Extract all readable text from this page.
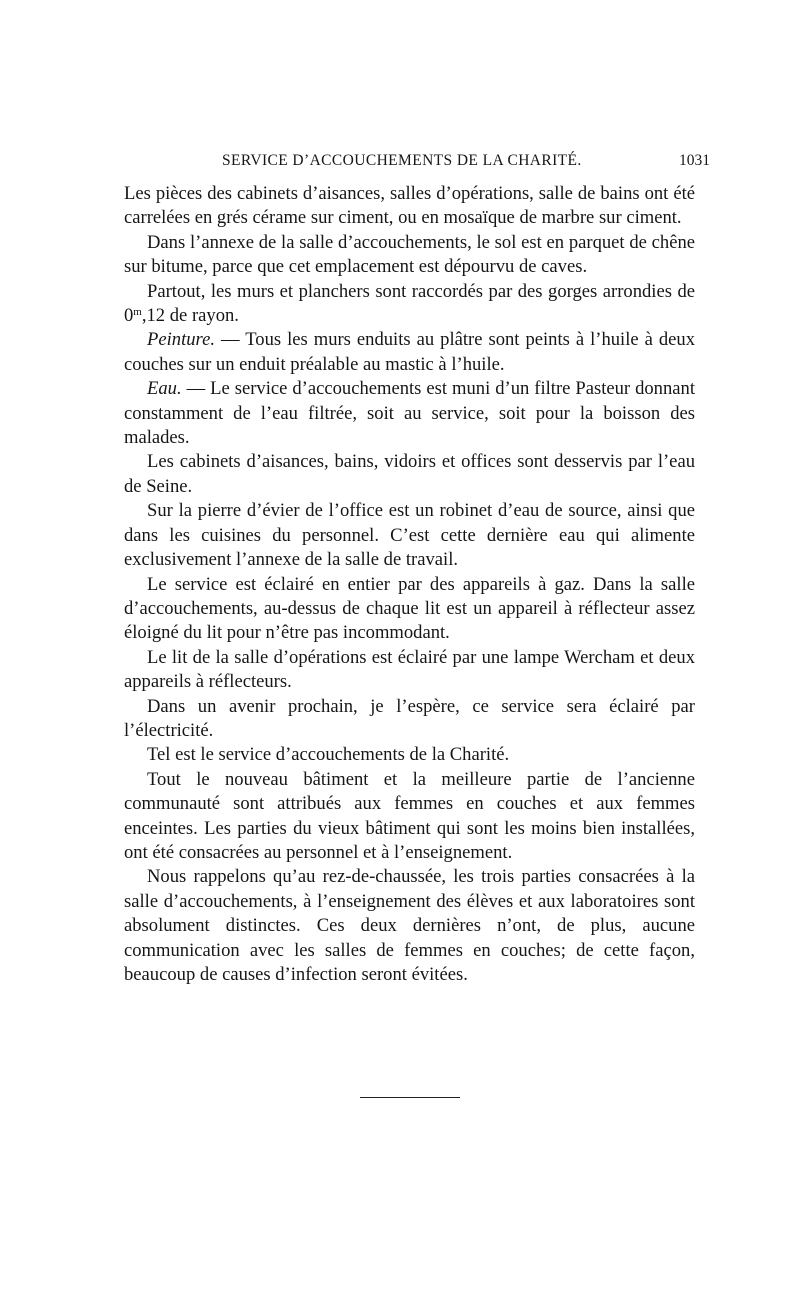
SERVICE D’ACCOUCHEMENTS DE LA CHARITÉ.	1031

Les pièces des cabinets d’aisances, salles d’opérations, salle de bains ont été carrelées en grés cérame sur ciment, ou en mosaïque de marbre sur ciment.

Dans l’annexe de la salle d’accouchements, le sol est en parquet de chêne sur bitume, parce que cet emplacement est dépourvu de caves.

Partout, les murs et planchers sont raccordés par des gorges arrondies de 0$^m$,12 de rayon.

Peinture. — Tous les murs enduits au plâtre sont peints à l’huile à deux couches sur un enduit préalable au mastic à l’huile.

Eau. — Le service d’accouchements est muni d’un filtre Pasteur donnant constamment de l’eau filtrée, soit au service, soit pour la boisson des malades.

Les cabinets d’aisances, bains, vidoirs et offices sont desservis par l’eau de Seine.

Sur la pierre d’évier de l’office est un robinet d’eau de source, ainsi que dans les cuisines du personnel. C’est cette dernière eau qui alimente exclusivement l’annexe de la salle de travail.

Le service est éclairé en entier par des appareils à gaz. Dans la salle d’accouchements, au-dessus de chaque lit est un appareil à réflecteur assez éloigné du lit pour n’être pas incommodant.

Le lit de la salle d’opérations est éclairé par une lampe Wercham et deux appareils à réflecteurs.

Dans un avenir prochain, je l’espère, ce service sera éclairé par l’électricité.

Tel est le service d’accouchements de la Charité.

Tout le nouveau bâtiment et la meilleure partie de l’ancienne communauté sont attribués aux femmes en couches et aux femmes enceintes. Les parties du vieux bâtiment qui sont les moins bien installées, ont été consacrées au personnel et à l’enseignement.

Nous rappelons qu’au rez-de-chaussée, les trois parties consacrées à la salle d’accouchements, à l’enseignement des élèves et aux laboratoires sont absolument distinctes. Ces deux dernières n’ont, de plus, aucune communication avec les salles de femmes en couches; de cette façon, beaucoup de causes d’infection seront évitées.
